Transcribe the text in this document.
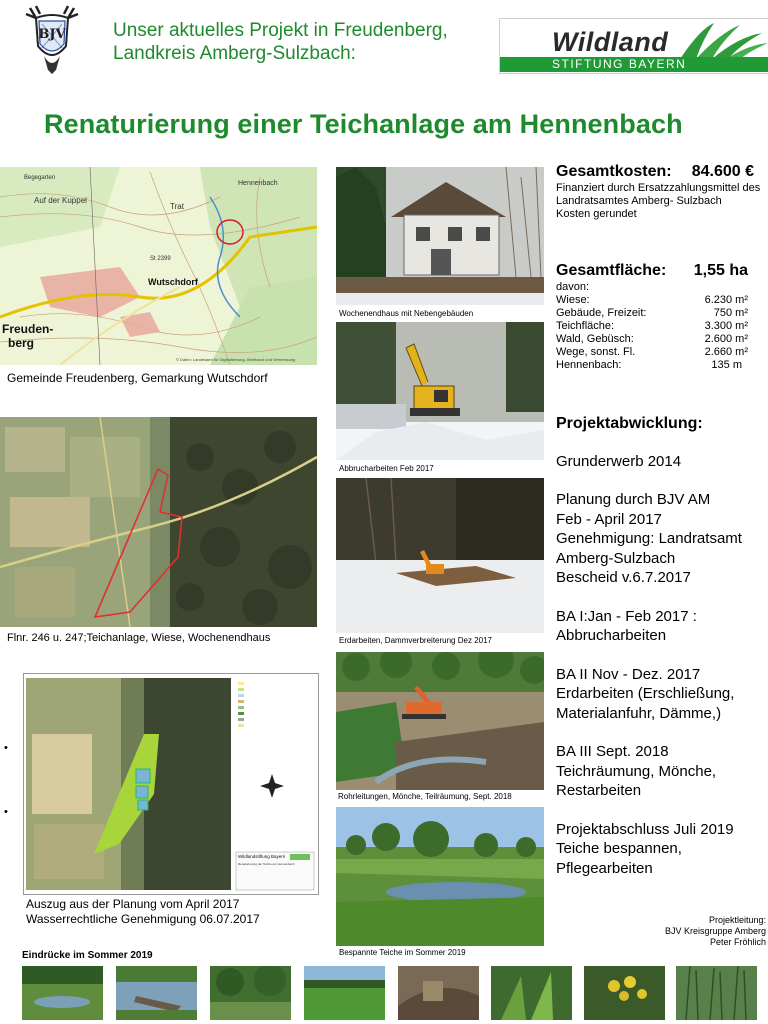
BJV Unser aktuelles Projekt in Freudenberg,
Landkreis Amberg-Sulzbach:	Wildland
STIFTUNG BAYERN
Renaturierung einer Teichanlage am Hennenbach
Freuden-
berg
Wutschdorf
Auf der Kuppel
Trat
Hennenbach
St 2399
Begegarten
© Daten: Landesamt für Digitalisierung, Breitband und Vermessung
Gemeinde Freudenberg, Gemarkung Wutschdorf
Flnr. 246 u. 247;Teichanlage, Wiese, Wochenendhaus
•
•
Wildlandstiftung Bayern
Renaturierung der Teiche am Hennenbach
Auszug aus der Planung vom April 2017
Wasserrechtliche Genehmigung 06.07.2017
Wochenendhaus mit Nebengebäuden
Abbrucharbeiten Feb 2017
Erdarbeiten, Dammverbreiterung Dez 2017
Rohrleitungen, Mönche, Teilräumung, Sept. 2018
Bespannte Teiche im Sommer 2019
Gesamtkosten: 84.600 €
Finanziert durch Ersatzzahlungsmittel des
Landratsamtes Amberg- Sulzbach
Kosten gerundet
Gesamtfläche: 1,55 ha
davon:
Wiese:	6.230 m²
Gebäude, Freizeit:	750 m²
Teichfläche:	3.300 m²
Wald, Gebüsch:	2.600 m²
Wege, sonst. Fl.	2.660 m²
Hennenbach:	135 m

Projektabwicklung:

Grunderwerb 2014

Planung durch BJV AM

Feb - April 2017

Genehmigung: Landratsamt

Amberg-Sulzbach

Bescheid v.6.7.2017

BA I:Jan - Feb 2017 :

Abbrucharbeiten

BA II Nov - Dez. 2017

Erdarbeiten (Erschließung,

Materialanfuhr, Dämme,)

BA III Sept. 2018

Teichräumung, Mönche,

Restarbeiten

Projektabschluss Juli 2019

Teiche bespannen,

Pflegearbeiten

Projektleitung:
BJV Kreisgruppe Amberg
Peter Fröhlich
Eindrücke im Sommer 2019
